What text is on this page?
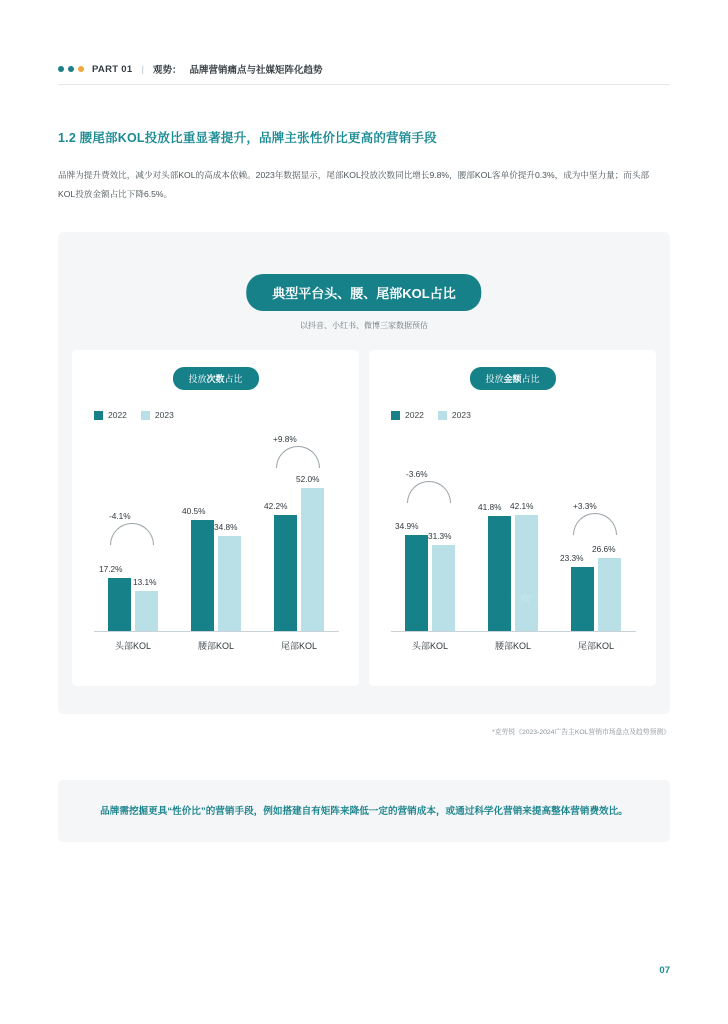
PART 01 | 观势： 品牌营销痛点与社媒矩阵化趋势
1.2 腰尾部KOL投放比重显著提升，品牌主张性价比更高的营销手段
品牌为提升费效比，减少对头部KOL的高成本依赖。2023年数据显示，尾部KOL投放次数同比增长9.8%，腰部KOL客单价提升0.3%，成为中坚力量；而头部KOL投放金额占比下降6.5%。
典型平台头、腰、尾部KOL占比
以抖音、小红书、微博三家数据预估
投放次数占比
2022	2023
17.2%
13.1%
头部KOL
-4.1%	40.5%
34.8%
腰部KOL
42.2%
52.0%
尾部KOL
+9.8%
投放金额占比
2022	2023
34.9%
31.3%
头部KOL
-3.6%
41.8% 42.1%
★
腰部KOL
23.3%
26.6%
尾部KOL
+3.3%
*克劳锐《2023-2024广告主KOL营销市场盘点及趋势预测》
品牌需挖掘更具“性价比”的营销手段，例如搭建自有矩阵来降低一定的营销成本，或通过科学化营销来提高整体营销费效比。
07
